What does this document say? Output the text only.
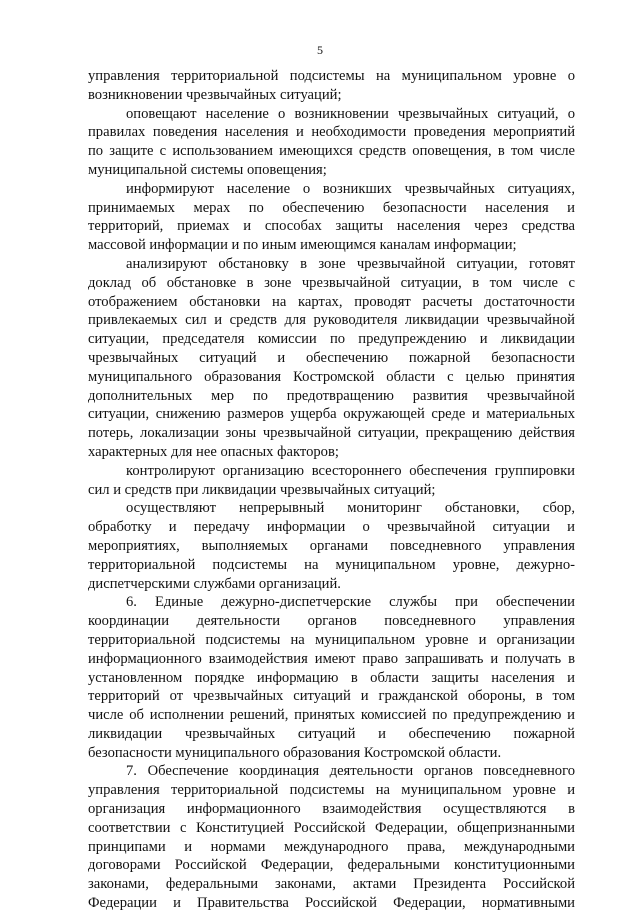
5
управления территориальной подсистемы на муниципальном уровне о
возникновении чрезвычайных ситуаций;
оповещают население о возникновении чрезвычайных ситуаций, о
правилах поведения населения и необходимости проведения мероприятий
по защите с использованием имеющихся средств оповещения, в том числе
муниципальной системы оповещения;
информируют население о возникших чрезвычайных ситуациях,
принимаемых мерах по обеспечению безопасности населения и
территорий, приемах и способах защиты населения через средства
массовой информации и по иным имеющимся каналам информации;
анализируют обстановку в зоне чрезвычайной ситуации, готовят
доклад об обстановке в зоне чрезвычайной ситуации, в том числе с
отображением обстановки на картах, проводят расчеты достаточности
привлекаемых сил и средств для руководителя ликвидации чрезвычайной
ситуации, председателя комиссии по предупреждению и ликвидации
чрезвычайных ситуаций и обеспечению пожарной безопасности
муниципального образования Костромской области с целью принятия
дополнительных мер по предотвращению развития чрезвычайной
ситуации, снижению размеров ущерба окружающей среде и материальных
потерь, локализации зоны чрезвычайной ситуации, прекращению действия
характерных для нее опасных факторов;
контролируют организацию всестороннего обеспечения группировки
сил и средств при ликвидации чрезвычайных ситуаций;
осуществляют непрерывный мониторинг обстановки, сбор,
обработку и передачу информации о чрезвычайной ситуации и
мероприятиях, выполняемых органами повседневного управления
территориальной подсистемы на муниципальном уровне, дежурно-
диспетчерскими службами организаций.
6. Единые дежурно-диспетчерские службы при обеспечении
координации деятельности органов повседневного управления
территориальной подсистемы на муниципальном уровне и организации
информационного взаимодействия имеют право запрашивать и получать в
установленном порядке информацию в области защиты населения и
территорий от чрезвычайных ситуаций и гражданской обороны, в том
числе об исполнении решений, принятых комиссией по предупреждению и
ликвидации чрезвычайных ситуаций и обеспечению пожарной
безопасности муниципального образования Костромской области.
7. Обеспечение координация деятельности органов повседневного
управления территориальной подсистемы на муниципальном уровне и
организация информационного взаимодействия осуществляются в
соответствии с Конституцией Российской Федерации, общепризнанными
принципами и нормами международного права, международными
договорами Российской Федерации, федеральными конституционными
законами, федеральными законами, актами Президента Российской
Федерации и Правительства Российской Федерации, нормативными
